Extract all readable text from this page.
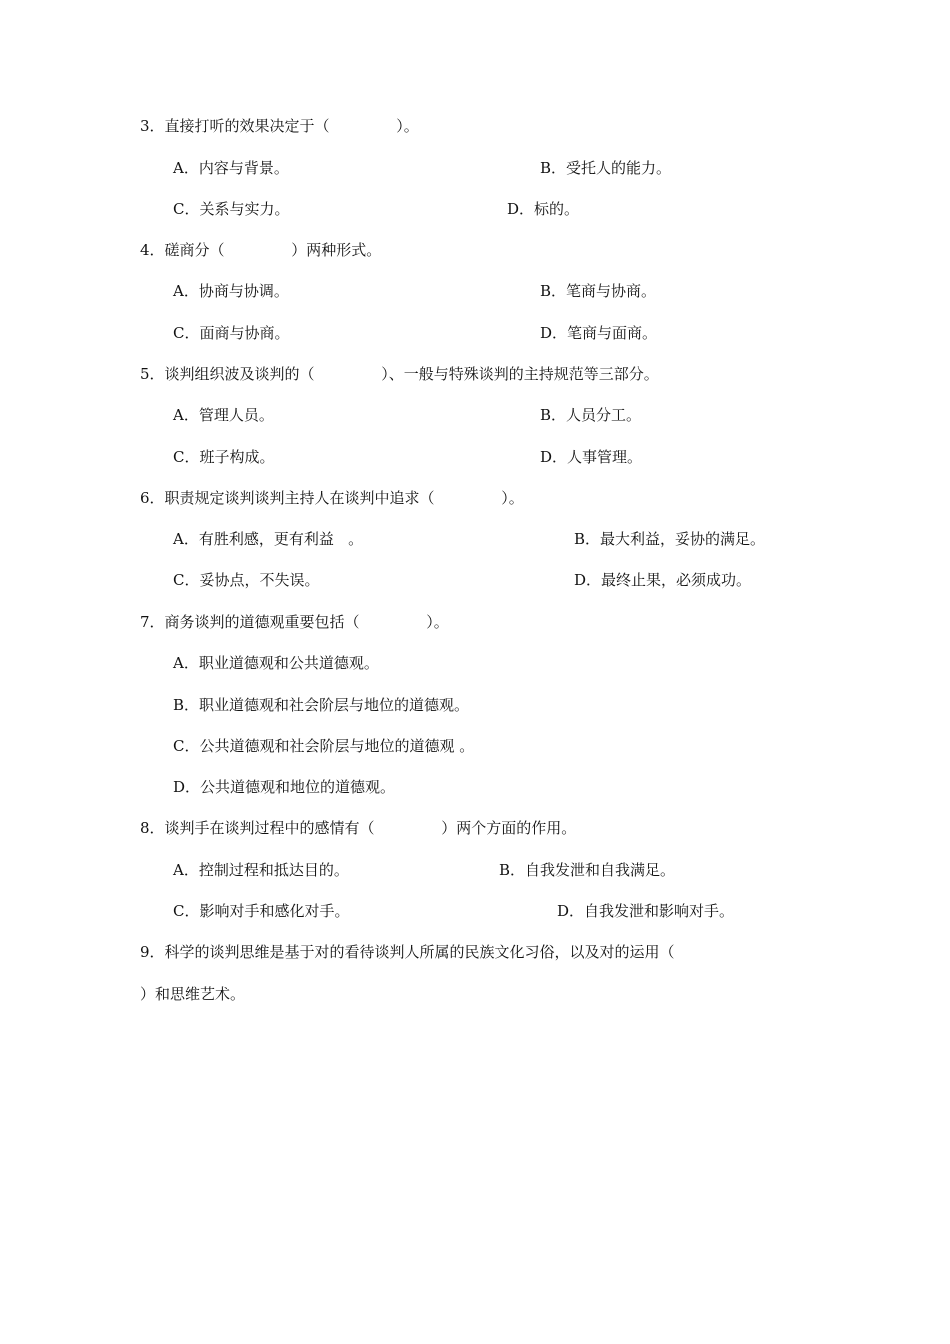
3．直接打听的效果决定于（              ）。
A．内容与背景。	B．受托人的能力。
C．关系与实力。	D．标的。
4．磋商分（              ）两种形式。
A．协商与协调。	B．笔商与协商。
C．面商与协商。	D．笔商与面商。
5．谈判组织波及谈判的（              ）、一般与特殊谈判的主持规范等三部分。
A．管理人员。	B．人员分工。
C．班子构成。	D．人事管理。
6．职责规定谈判谈判主持人在谈判中追求（              ）。
A．有胜利感，更有利益   。	B．最大利益，妥协的满足。
C．妥协点，不失误。	D．最终止果，必须成功。
7．商务谈判的道德观重要包括（              ）。
A．职业道德观和公共道德观。
B．职业道德观和社会阶层与地位的道德观。
C．公共道德观和社会阶层与地位的道德观 。
D．公共道德观和地位的道德观。
8．谈判手在谈判过程中的感情有（              ）两个方面的作用。
A．控制过程和抵达目的。	B．自我发泄和自我满足。
C．影响对手和感化对手。	D．自我发泄和影响对手。
9．科学的谈判思维是基于对的看待谈判人所属的民族文化习俗，以及对的运用（
）和思维艺术。
